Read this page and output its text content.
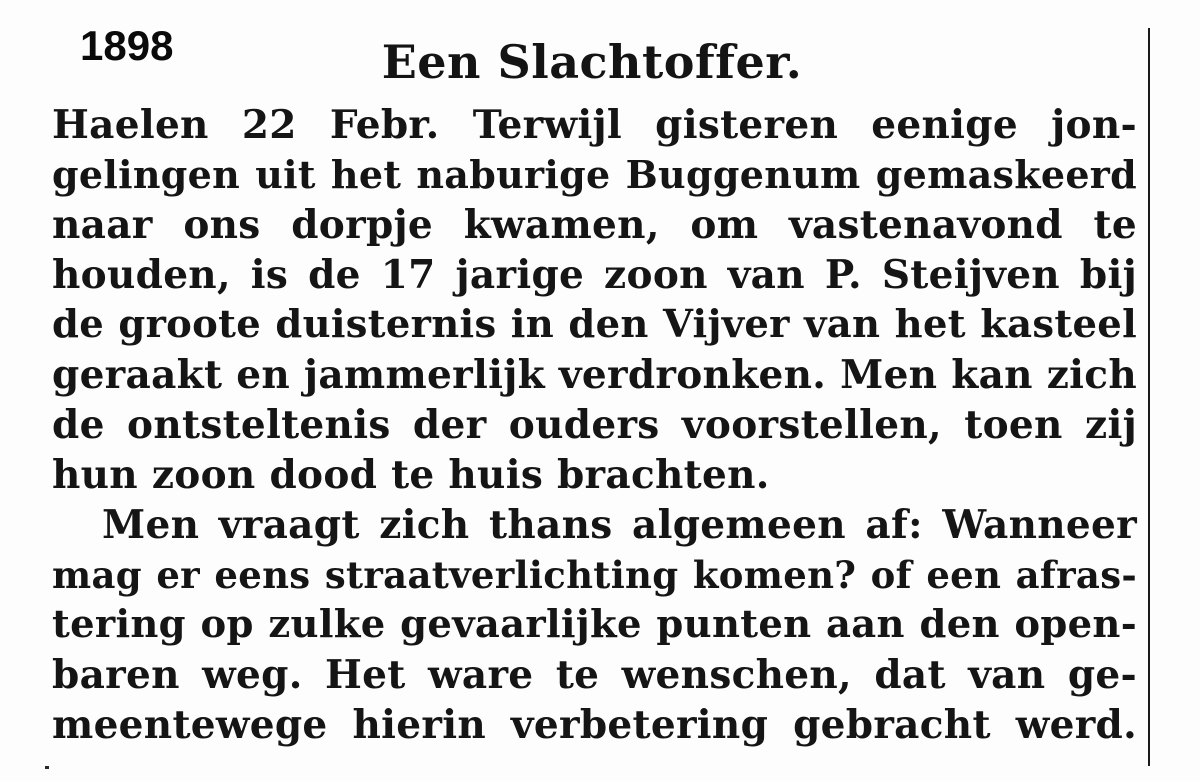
1898	Een Slachtoffer.
Haelen 22 Febr. Terwijl gisteren eenige jon-
gelingen uit het naburige Buggenum gemaskeerd
naar ons dorpje kwamen, om vastenavond te
houden, is de 17 jarige zoon van P. Steijven bij
de groote duisternis in den Vijver van het kasteel
geraakt en jammerlijk verdronken. Men kan zich
de ontsteltenis der ouders voorstellen, toen zij
hun zoon dood te huis brachten.
Men vraagt zich thans algemeen af: Wanneer
mag er eens straatverlichting komen? of een afras-
tering op zulke gevaarlijke punten aan den open-
baren weg. Het ware te wenschen, dat van ge-
meentewege hierin verbetering gebracht werd.
